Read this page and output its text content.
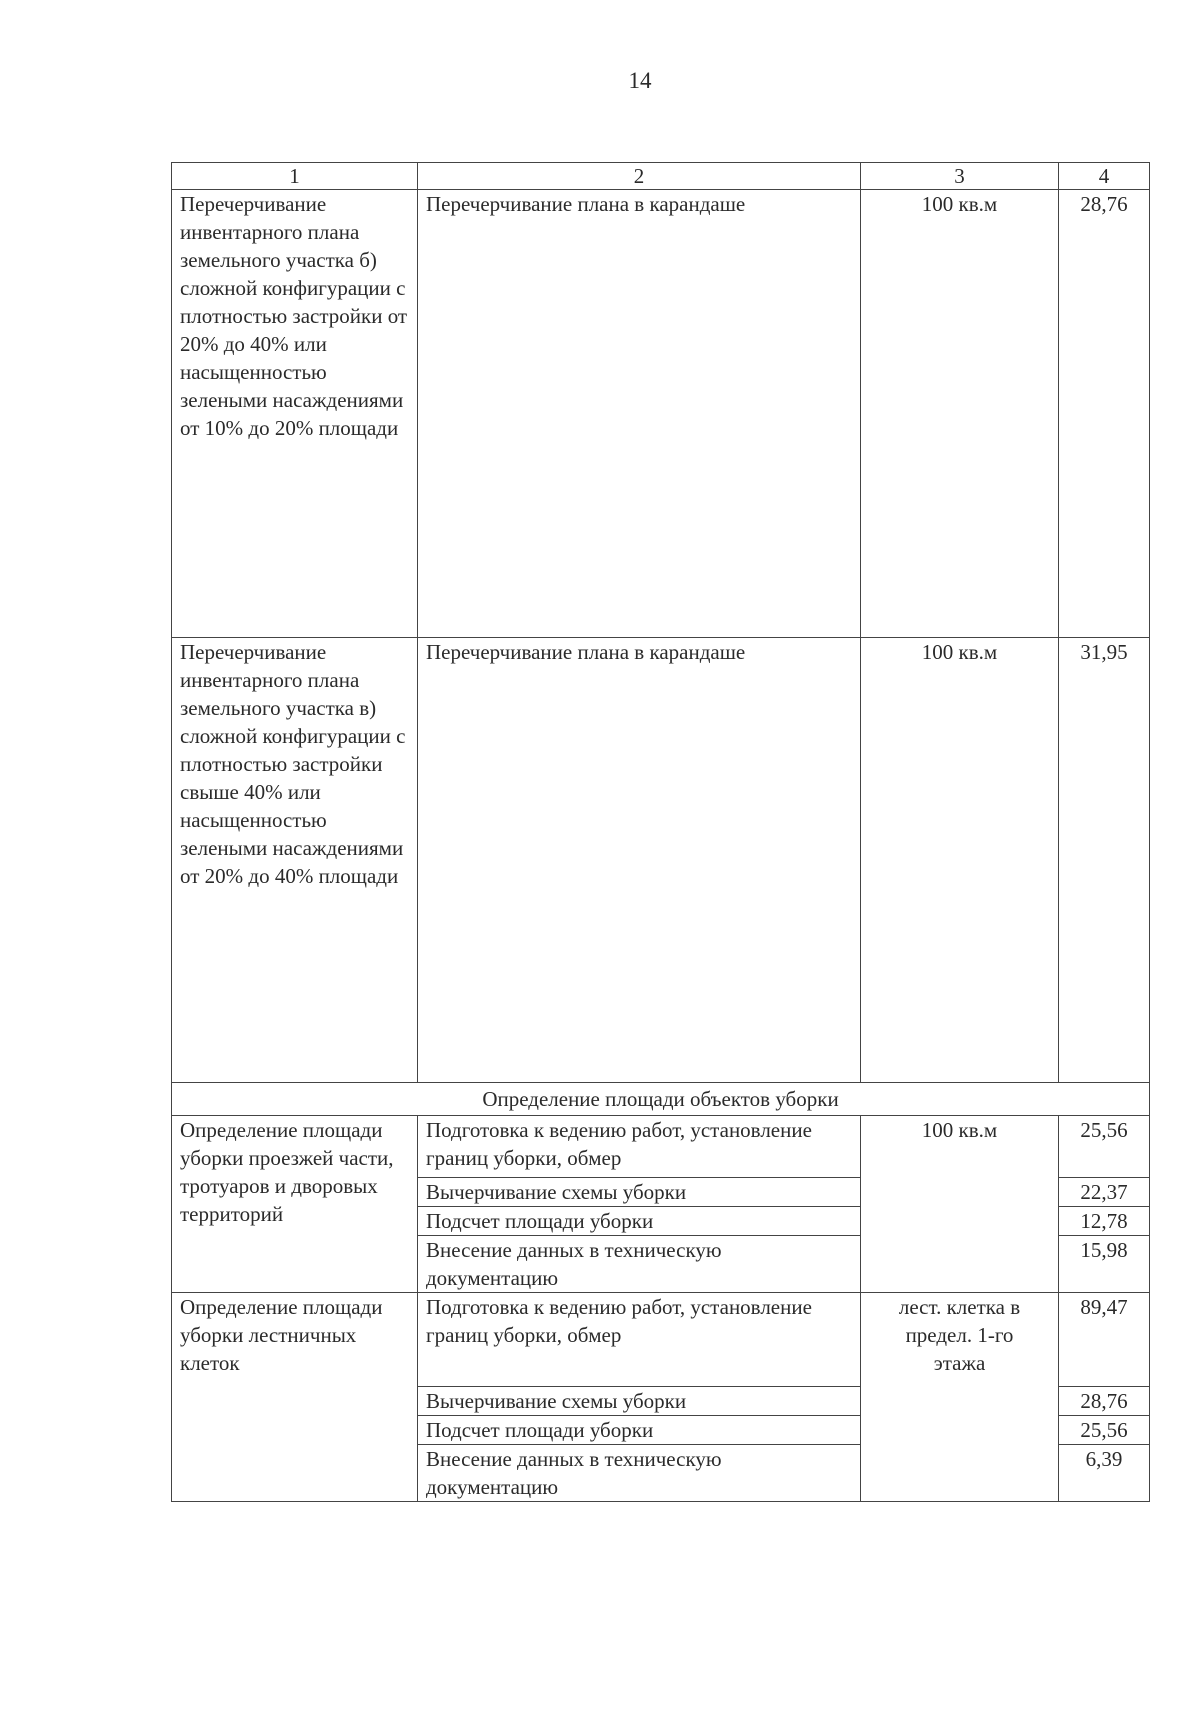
14
1	2	3	4
Перечерчивание инвентарного плана земельного участка б) сложной конфигурации с плотностью застройки от 20% до 40% или насыщенностью зелеными насаждениями от 10% до 20% площади	Перечерчивание плана в карандаше	100 кв.м	28,76
Перечерчивание инвентарного плана земельного участка в) сложной конфигурации с плотностью застройки свыше 40% или насыщенностью зелеными насаждениями от 20% до 40% площади	Перечерчивание плана в карандаше	100 кв.м	31,95
Определение площади объектов уборки			
Определение площади уборки проезжей части, тротуаров и дворовых территорий	Подготовка к ведению работ, установление границ уборки, обмер	100 кв.м	25,56
	Вычерчивание схемы уборки		22,37
	Подсчет площади уборки		12,78
	Внесение данных в техническую документацию		15,98
Определение площади уборки лестничных клеток	Подготовка к ведению работ, установление границ уборки, обмер	лест. клетка в предел. 1-го этажа	89,47
	Вычерчивание схемы уборки		28,76
	Подсчет площади уборки		25,56
	Внесение данных в техническую документацию		6,39
